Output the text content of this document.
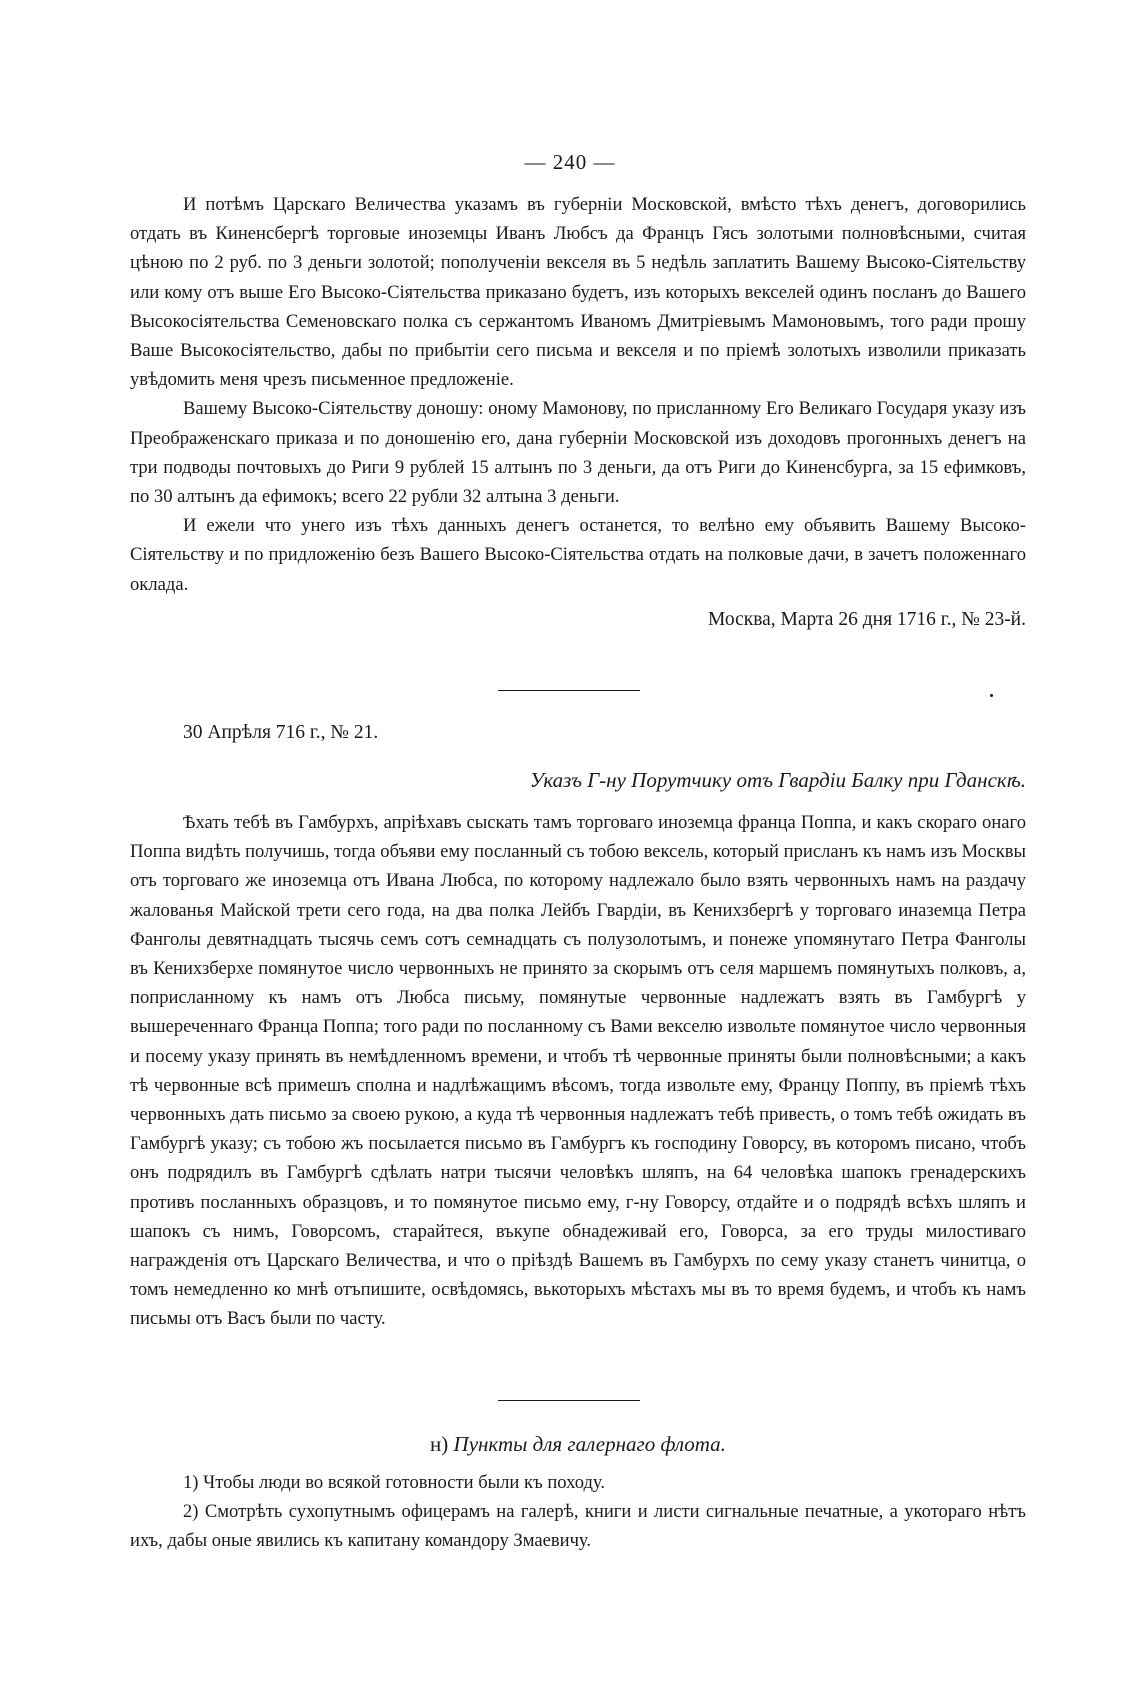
— 240 —

И потѣмъ Царскаго Величества указамъ въ губерніи Московской, вмѣсто тѣхъ денегъ, договорились отдать въ Киненсбергѣ торговые иноземцы Иванъ Любсъ да Францъ Гясъ золотыми полновѣсными, считая цѣною по 2 руб. по 3 деньги золотой; пополученіи векселя въ 5 недѣль заплатить Вашему Высоко-Сіятельству или кому отъ выше Его Высоко-Сіятельства приказано будетъ, изъ которыхъ векселей одинъ посланъ до Вашего Высокосіятельства Семеновскаго полка съ сержантомъ Иваномъ Дмитріевымъ Мамоновымъ, того ради прошу Ваше Высокосіятельство, дабы по прибытіи сего письма и векселя и по пріемѣ золотыхъ изволили приказать увѣдомить меня чрезъ письменное предложеніе.

Вашему Высоко-Сіятельству доношу: оному Мамонову, по присланному Его Великаго Государя указу изъ Преображенскаго приказа и по доношенію его, дана губерніи Московской изъ доходовъ прогонныхъ денегъ на три подводы почтовыхъ до Риги 9 рублей 15 алтынъ по 3 деньги, да отъ Риги до Киненсбурга, за 15 ефимковъ, по 30 алтынъ да ефимокъ; всего 22 рубли 32 алтына 3 деньги.

И ежели что унего изъ тѣхъ данныхъ денегъ останется, то велѣно ему объявить Вашему Высоко-Сіятельству и по придложенію безъ Вашего Высоко-Сіятельства отдать на полковые дачи, в зачетъ положеннаго оклада.

Москва, Марта 26 дня 1716 г., № 23-й.

30 Апрѣля 716 г., № 21.

Указъ Г-ну Порутчику отъ Гвардіи Балку при Гданскѣ.

Ѣхать тебѣ въ Гамбурхъ, апріѣхавъ сыскать тамъ торговаго иноземца франца Поппа, и какъ скораго онаго Поппа видѣть получишь, тогда объяви ему посланный съ тобою вексель, который присланъ къ намъ изъ Москвы отъ торговаго же иноземца отъ Ивана Любса, по которому надлежало было взять червонныхъ намъ на раздачу жалованья Майской трети сего года, на два полка Лейбъ Гвардіи, въ Кенихзбергѣ у торговаго иназемца Петра Фанголы девятнадцать тысячь семъ сотъ семнадцать съ полузолотымъ, и понеже упомянутаго Петра Фанголы въ Кенихзберхе помянутое число червонныхъ не принято за скорымъ отъ селя маршемъ помянутыхъ полковъ, а, поприсланному къ намъ отъ Любса письму, помянутые червонные надлежатъ взять въ Гамбургѣ у вышереченнаго Франца Поппа; того ради по посланному съ Вами векселю извольте помянутое число червонныя и посему указу принять въ немѣдленномъ времени, и чтобъ тѣ червонные приняты были полновѣсными; а какъ тѣ червонные всѣ примешъ сполна и надлѣжащимъ вѣсомъ, тогда извольте ему, Францу Поппу, въ пріемѣ тѣхъ червонныхъ дать письмо за своею рукою, а куда тѣ червонныя надлежатъ тебѣ привесть, о томъ тебѣ ожидать въ Гамбургѣ указу; съ тобою жъ посылается письмо въ Гамбургъ къ господину Говорсу, въ которомъ писано, чтобъ онъ подрядилъ въ Гамбургѣ сдѣлать натри тысячи человѣкъ шляпъ, на 64 человѣка шапокъ гренадерскихъ противъ посланныхъ образцовъ, и то помянутое письмо ему, г-ну Говорсу, отдайте и о подрядѣ всѣхъ шляпъ и шапокъ съ нимъ, Говорсомъ, старайтеся, въкупе обнадеживай его, Говорса, за его труды милостиваго награжденія отъ Царскаго Величества, и что о пріѣздѣ Вашемъ въ Гамбурхъ по сему указу станетъ чинитца, о томъ немедленно ко мнѣ отъпишите, освѣдомясь, вькоторыхъ мѣстахъ мы въ то время будемъ, и чтобъ къ намъ письмы отъ Васъ были по часту.

н) Пункты для галернаго флота.

1) Чтобы люди во всякой готовности были къ походу.

2) Смотрѣть сухопутнымъ офицерамъ на галерѣ, книги и листи сигнальные печатные, а укотораго нѣтъ ихъ, дабы оные явились къ капитану командору Змаевичу.
